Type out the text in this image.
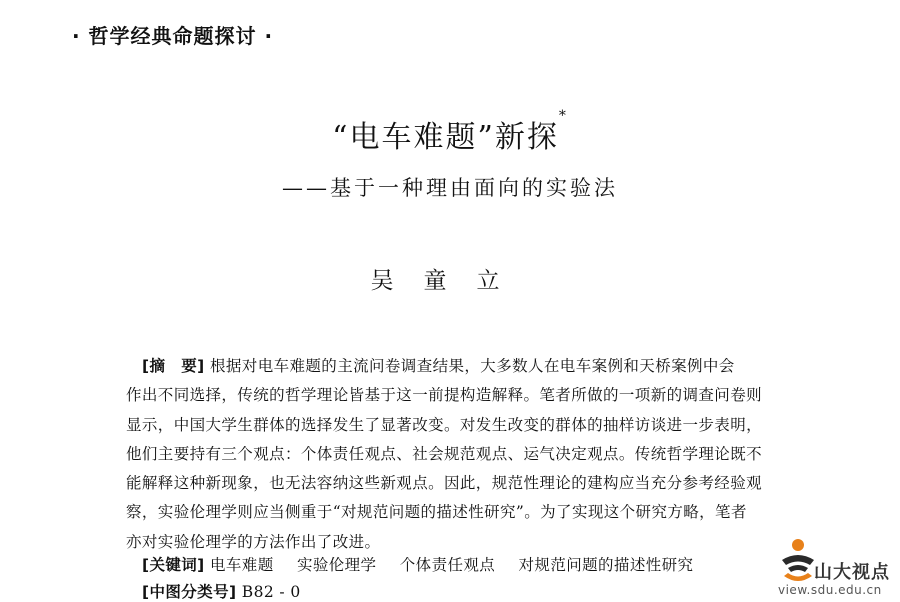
· 哲学经典命题探讨 ·
“电车难题”新探*
——基于一种理由面向的实验法
吴童立
[摘　要] 根据对电车难题的主流问卷调查结果，大多数人在电车案例和天桥案例中会
作出不同选择，传统的哲学理论皆基于这一前提构造解释。笔者所做的一项新的调查问卷则
显示，中国大学生群体的选择发生了显著改变。对发生改变的群体的抽样访谈进一步表明，
他们主要持有三个观点：个体责任观点、社会规范观点、运气决定观点。传统哲学理论既不
能解释这种新现象，也无法容纳这些新观点。因此，规范性理论的建构应当充分参考经验观
察，实验伦理学则应当侧重于“对规范问题的描述性研究”。为了实现这个研究方略，笔者
亦对实验伦理学的方法作出了改进。
[关键词] 电车难题 实验伦理学 个体责任观点 对规范问题的描述性研究
[中图分类号] B82 - 0
山大视点
view.sdu.edu.cn
